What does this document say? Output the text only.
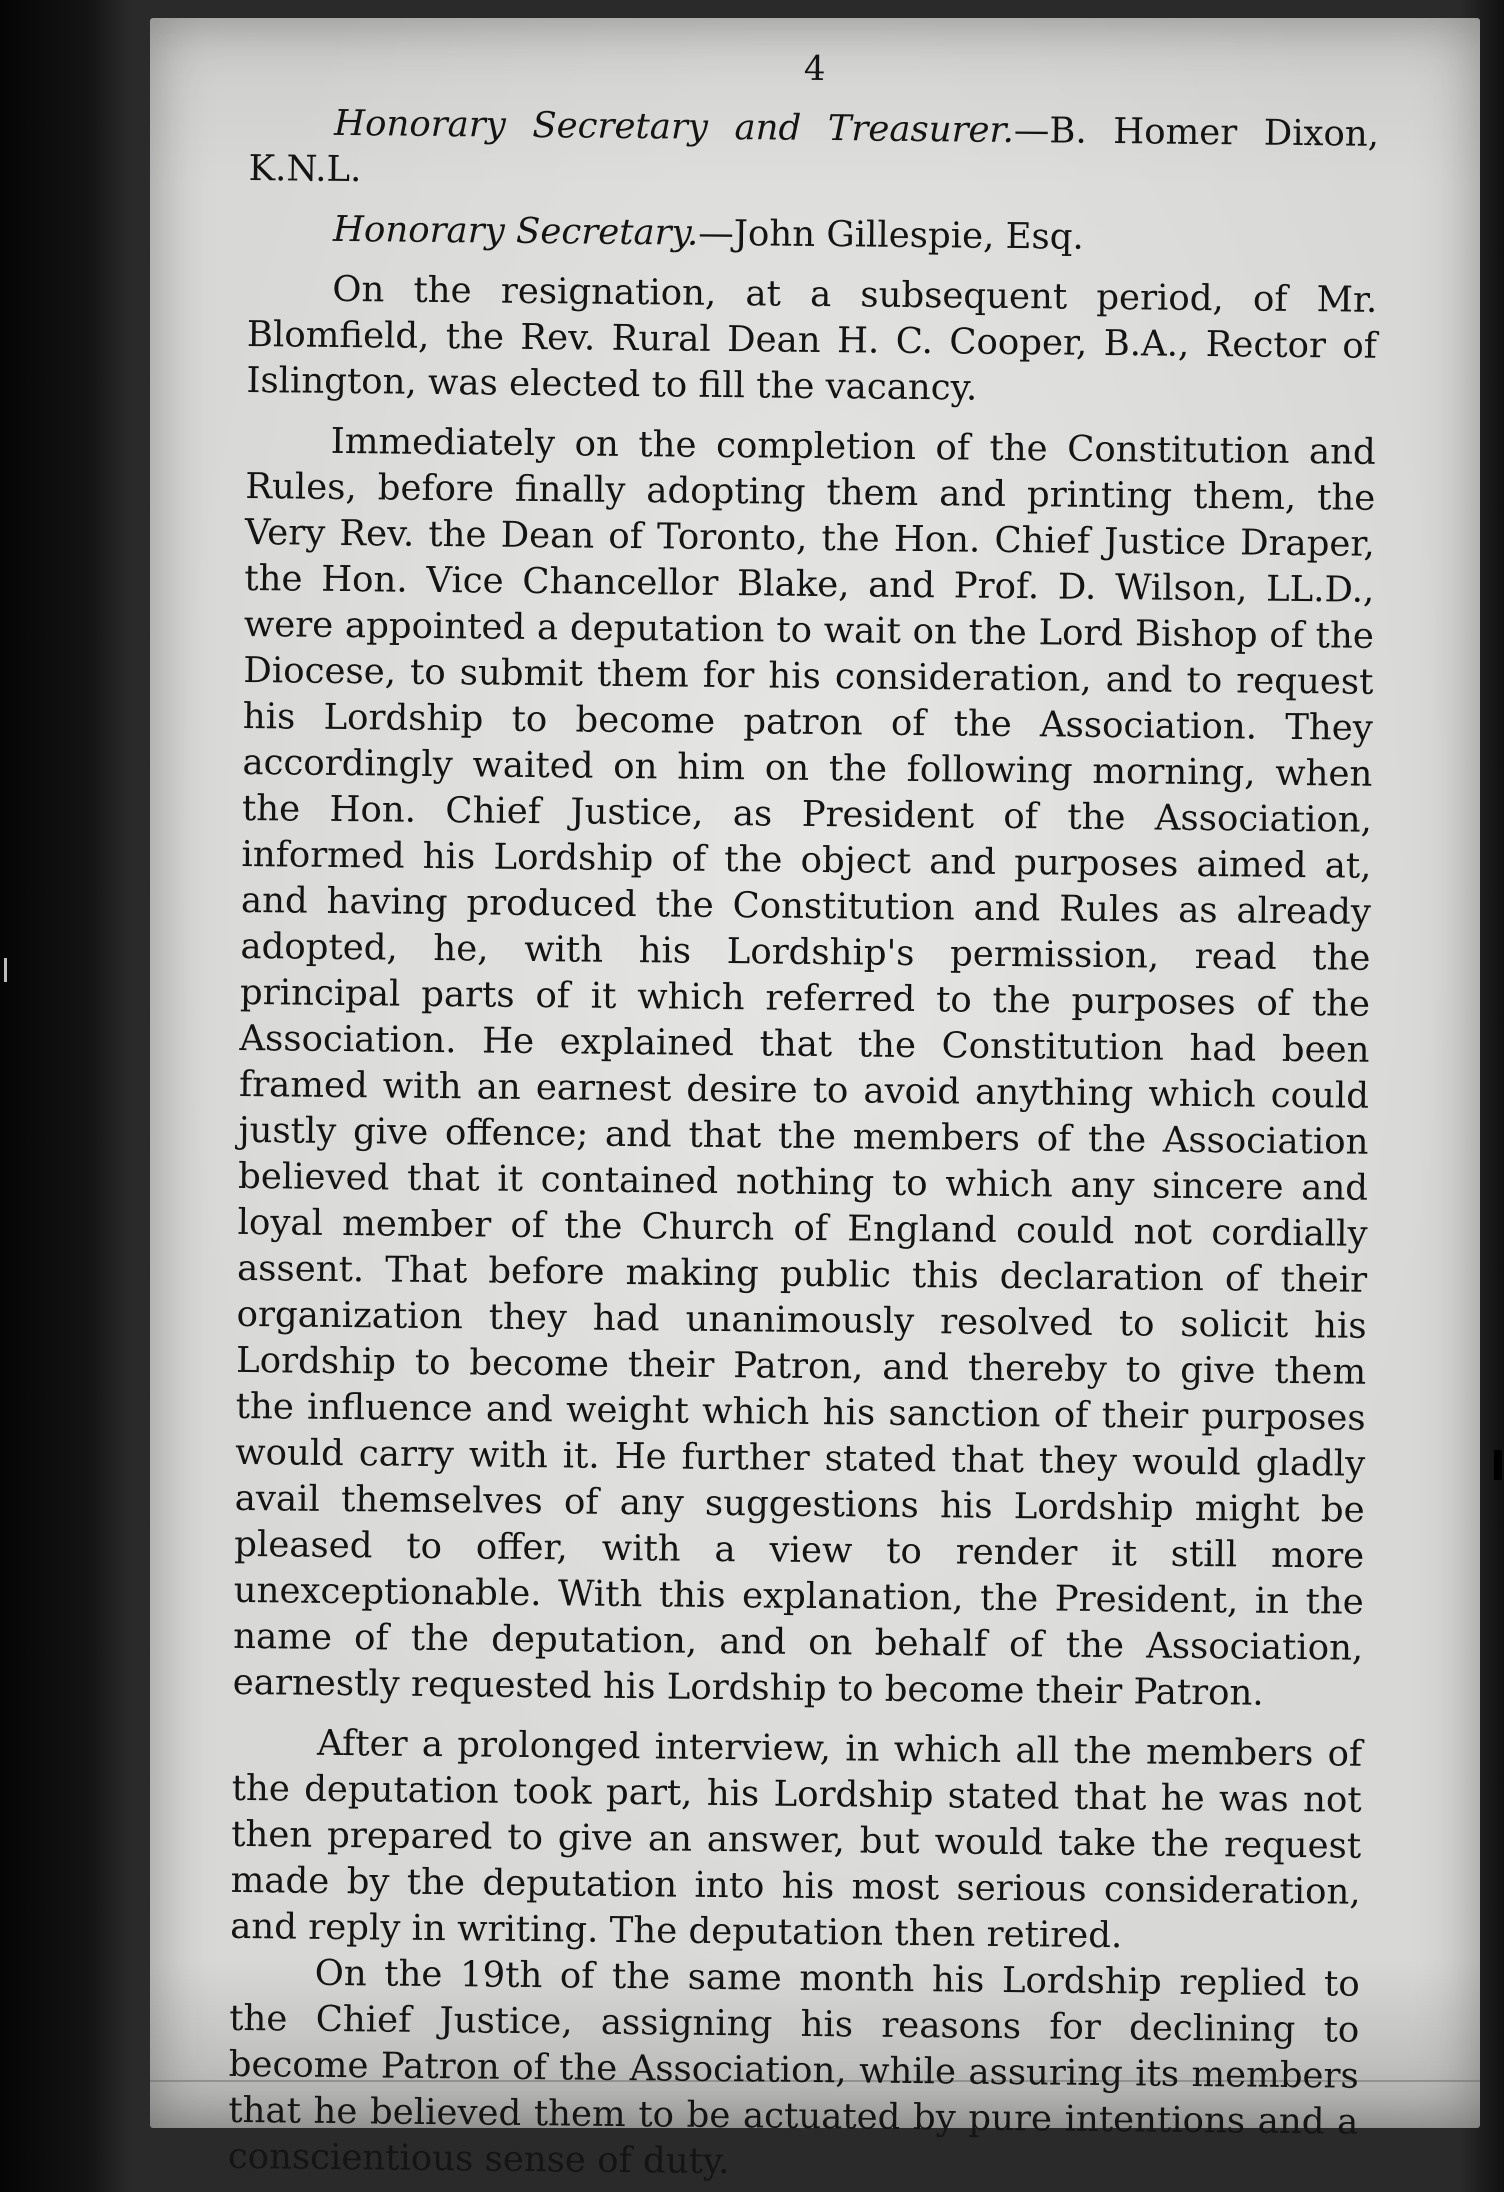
4

Honorary Secretary and Treasurer.—B. Homer Dixon, K.N.L.

Honorary Secretary.—John Gillespie, Esq.

On the resignation, at a subsequent period, of Mr. Blomfield, the Rev. Rural Dean H. C. Cooper, B.A., Rector of Islington, was elected to fill the vacancy.

Immediately on the completion of the Constitution and Rules, before finally adopting them and printing them, the Very Rev. the Dean of Toronto, the Hon. Chief Justice Draper, the Hon. Vice Chancellor Blake, and Prof. D. Wilson, LL.D., were appointed a deputation to wait on the Lord Bishop of the Diocese, to submit them for his consideration, and to request his Lordship to become patron of the Association. They accordingly waited on him on the following morning, when the Hon. Chief Justice, as President of the Association, informed his Lordship of the object and purposes aimed at, and having produced the Constitution and Rules as already adopted, he, with his Lordship's permission, read the principal parts of it which referred to the purposes of the Association. He explained that the Constitution had been framed with an earnest desire to avoid anything which could justly give offence; and that the members of the Association believed that it contained nothing to which any sincere and loyal member of the Church of England could not cordially assent. That before making public this declaration of their organization they had unanimously resolved to solicit his Lordship to become their Patron, and thereby to give them the influence and weight which his sanction of their purposes would carry with it. He further stated that they would gladly avail themselves of any suggestions his Lordship might be pleased to offer, with a view to render it still more unexceptionable. With this explanation, the President, in the name of the deputation, and on behalf of the Association, earnestly requested his Lordship to become their Patron.

After a prolonged interview, in which all the members of the deputation took part, his Lordship stated that he was not then prepared to give an answer, but would take the request made by the deputation into his most serious consideration, and reply in writing. The deputation then retired.

On the 19th of the same month his Lordship replied to the Chief Justice, assigning his reasons for declining to become Patron of the Association, while assuring its members that he believed them to be actuated by pure intentions and a conscientious sense of duty.
